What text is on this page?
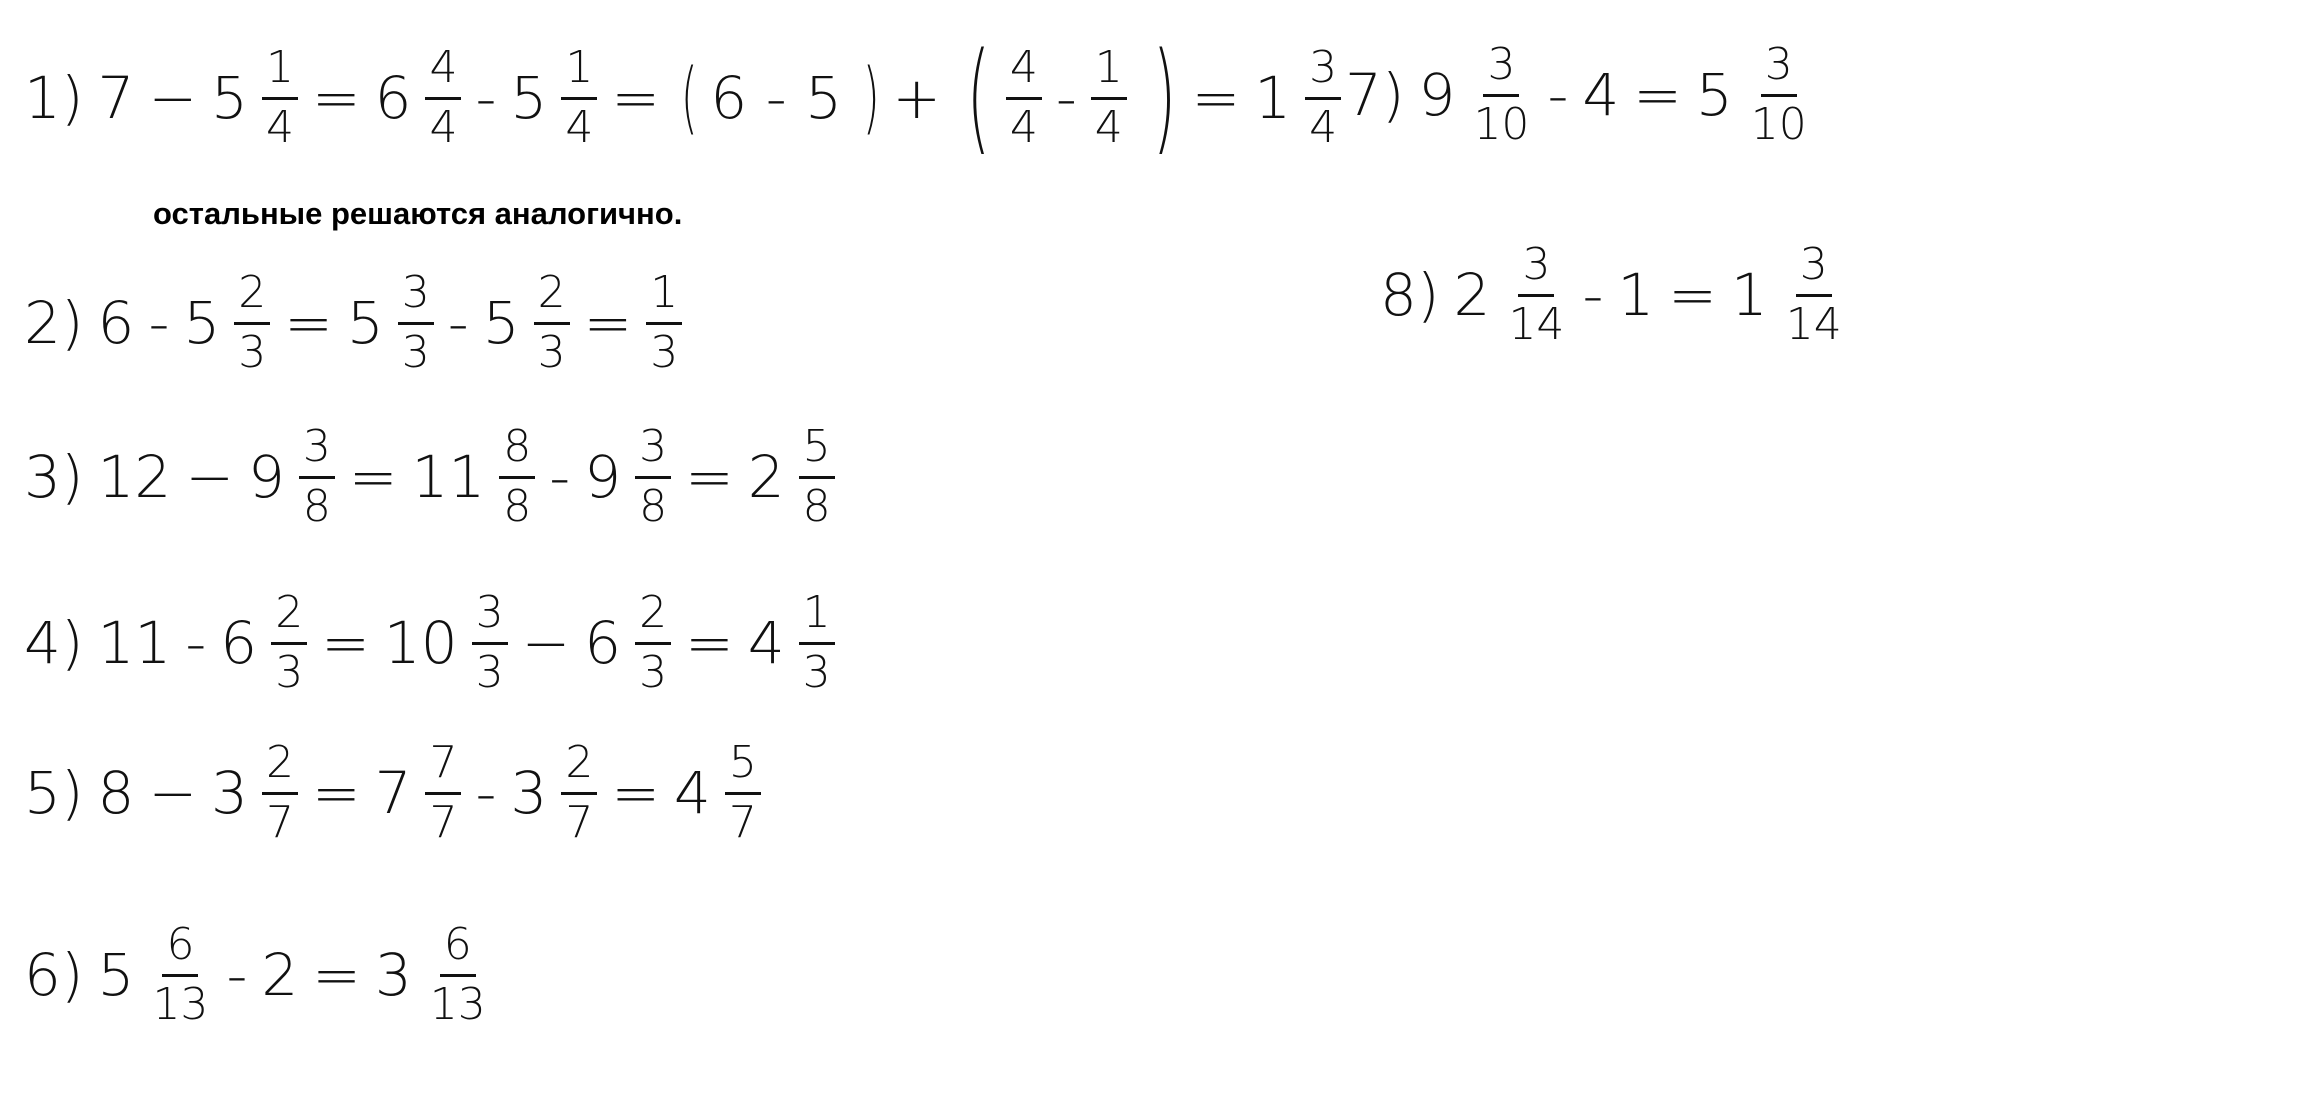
1) $7 - 5 \frac{1}{4} = 6 \frac{4}{4} - 5 \frac{1}{4}$ = ( 6 - 5 ) + ( $\frac{4}{4} - \frac{1}{4}$ ) = $1 \frac{3}{4}$
остальные решаются аналогично.
2) $6 - 5 \frac{2}{3} = 5 \frac{3}{3} - 5 \frac{2}{3} = \frac{1}{3}$
3) $12 - 9 \frac{3}{8} = 11 \frac{8}{8} - 9 \frac{3}{8} = 2 \frac{5}{8}$
4) $11 - 6 \frac{2}{3} = 10 \frac{3}{3} - 6 \frac{2}{3} = 4 \frac{1}{3}$
5) $8 - 3 \frac{2}{7} = 7 \frac{7}{7} - 3 \frac{2}{7} = 4 \frac{5}{7}$
6) $5 \frac{6}{13} - 2 = 3 \frac{6}{13}$
7) $9 \frac{3}{10} - 4 = 5 \frac{3}{10}$
8) $2 \frac{3}{14} - 1 = 1 \frac{3}{14}$
